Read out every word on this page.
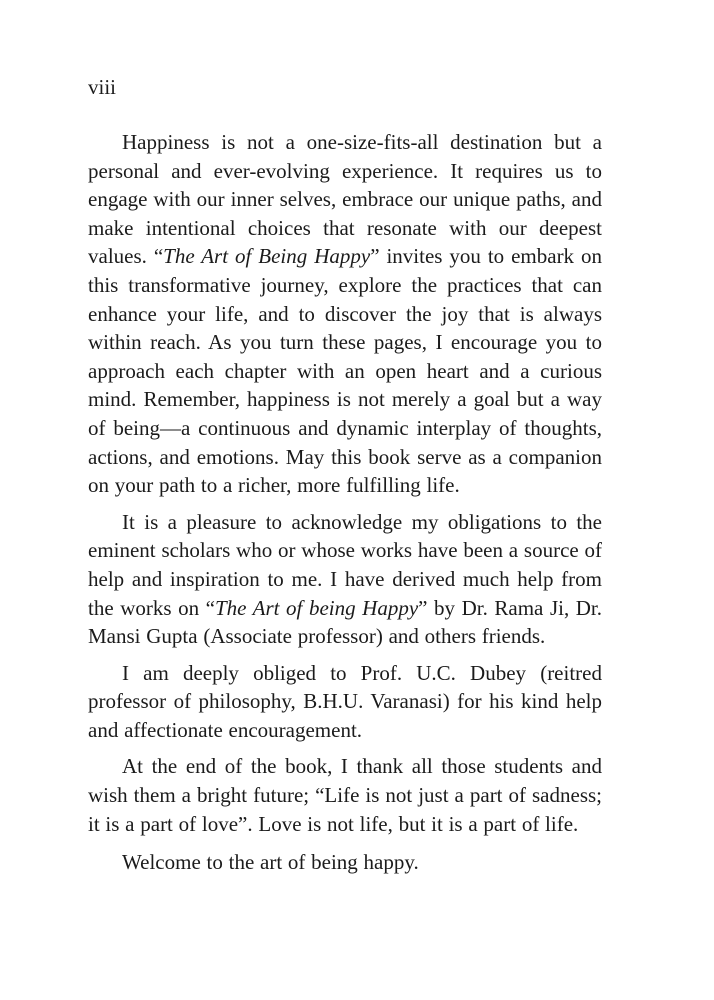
viii

Happiness is not a one-size-fits-all destination but a personal and ever-evolving experience. It requires us to engage with our inner selves, embrace our unique paths, and make intentional choices that resonate with our deepest values. “The Art of Being Happy” invites you to embark on this transformative journey, explore the practices that can enhance your life, and to discover the joy that is always within reach. As you turn these pages, I encourage you to approach each chapter with an open heart and a curious mind. Remember, happiness is not merely a goal but a way of being—a continuous and dynamic interplay of thoughts, actions, and emotions. May this book serve as a companion on your path to a richer, more fulfilling life.

It is a pleasure to acknowledge my obligations to the eminent scholars who or whose works have been a source of help and inspiration to me. I have derived much help from the works on “The Art of being Happy” by Dr. Rama Ji, Dr. Mansi Gupta (Associate professor) and others friends.

I am deeply obliged to Prof. U.C. Dubey (reitred professor of philosophy, B.H.U. Varanasi) for his kind help and affectionate encouragement.

At the end of the book, I thank all those students and wish them a bright future; “Life is not just a part of sadness; it is a part of love”. Love is not life, but it is a part of life.

Welcome to the art of being happy.
